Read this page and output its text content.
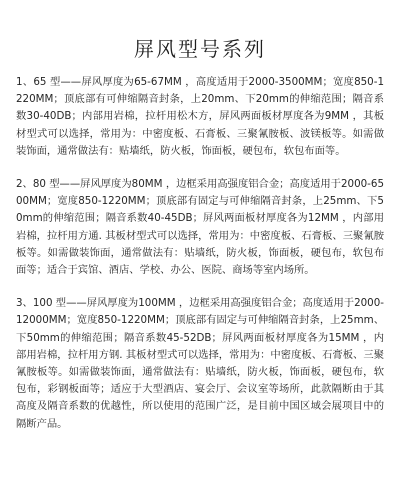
屏风型号系列

1、65 型——屏风厚度为65-67MM ，高度适用于2000-3500MM；宽度850-1220MM；顶底部有可伸缩隔音封条，上20mm、下20mm的伸缩范围；隔音系数30-40DB；内部用岩棉，拉杆用松木方，屏风两面板材厚度各为9MM ，其板材型式可以选择，常用为：中密度板、石膏板、三聚氰胺板、波镁板等。如需做装饰面，通常做法有：贴墙纸，防火板，饰面板，硬包布，软包布面等。

2、80 型——屏风厚度为80MM ，边框采用高强度铝合金；高度适用于2000-6500MM；宽度850-1220MM；顶底部有固定与可伸缩隔音封条，上25mm、下50mm的伸缩范围；隔音系数40-45DB；屏风两面板材厚度各为12MM ，内部用岩棉，拉杆用方通. 其板材型式可以选择，常用为：中密度板、石膏板、三聚氰胺板等。如需做装饰面，通常做法有：贴墙纸，防火板，饰面板，硬包布，软包布面等；适合于宾馆、酒店、学校、办公、医院、商场等室内场所。

3、100 型——屏风厚度为100MM ，边框采用高强度铝合金；高度适用于2000-12000MM；宽度850-1220MM；顶底部有固定与可伸缩隔音封条，上25mm、下50mm的伸缩范围；隔音系数45-52DB；屏风两面板材厚度各为15MM ，内部用岩棉，拉杆用方钢. 其板材型式可以选择，常用为：中密度板、石膏板、三聚氰胺板等。如需做装饰面，通常做法有：贴墙纸，防火板，饰面板，硬包布，软包布，彩钢板面等；适应于大型酒店、宴会厅、会议室等场所，此款隔断由于其高度及隔音系数的优越性，所以使用的范围广泛，是目前中国区域会展项目中的隔断产品。
